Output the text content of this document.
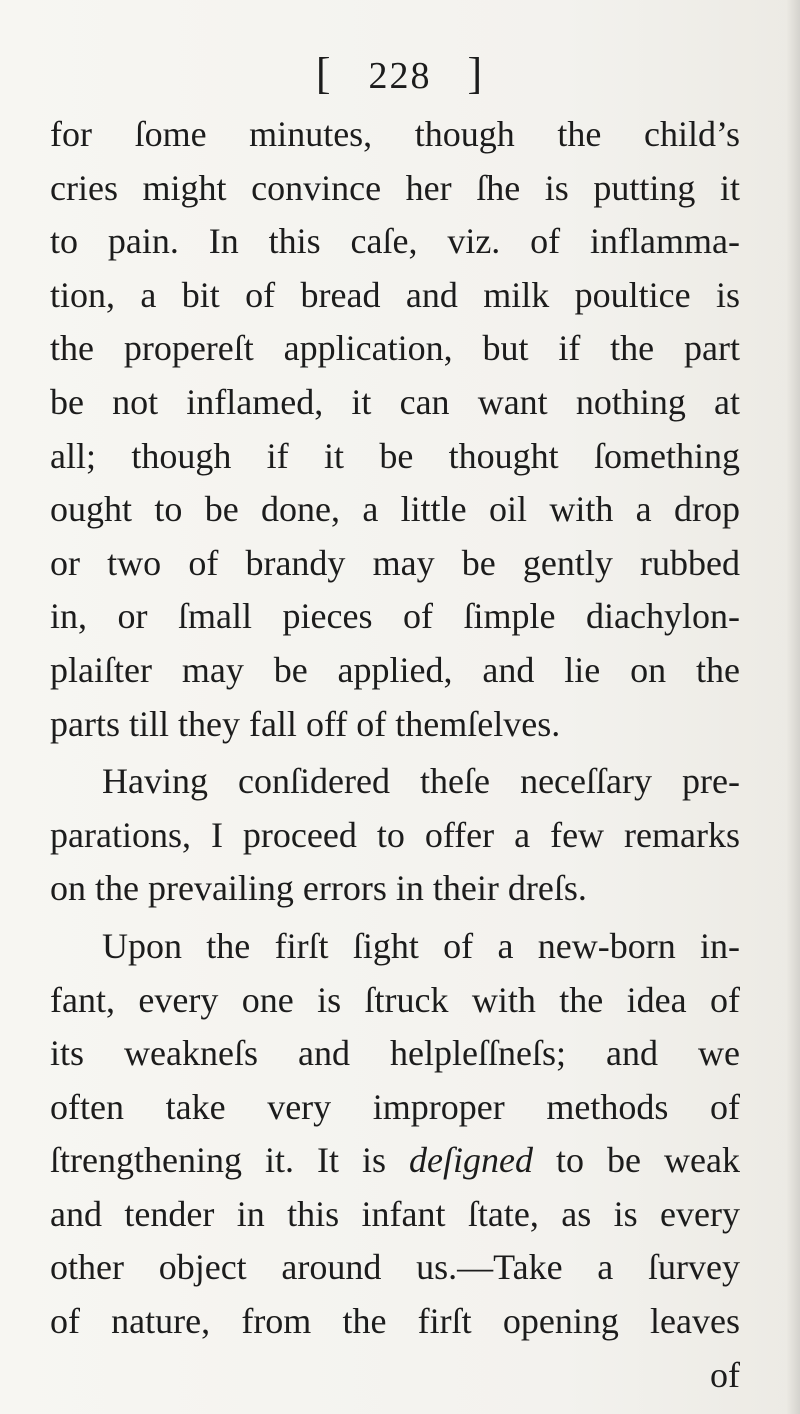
[ 228 ]
for ſome minutes, though the child’s
cries might convince her ſhe is putting it
to pain. In this caſe, viz. of inflamma-
tion, a bit of bread and milk poultice is
the propereſt application, but if the part
be not inflamed, it can want nothing at
all; though if it be thought ſomething
ought to be done, a little oil with a drop
or two of brandy may be gently rubbed
in, or ſmall pieces of ſimple diachylon-
plaiſter may be applied, and lie on the
parts till they fall off of themſelves.
Having conſidered theſe neceſſary pre-
parations, I proceed to offer a few remarks
on the prevailing errors in their dreſs.
Upon the firſt ſight of a new-born in-
fant, every one is ſtruck with the idea of
its weakneſs and helpleſſneſs; and we
often take very improper methods of
ſtrengthening it. It is deſigned to be weak
and tender in this infant ſtate, as is every
other object around us.—Take a ſurvey
of nature, from the firſt opening leaves
of
